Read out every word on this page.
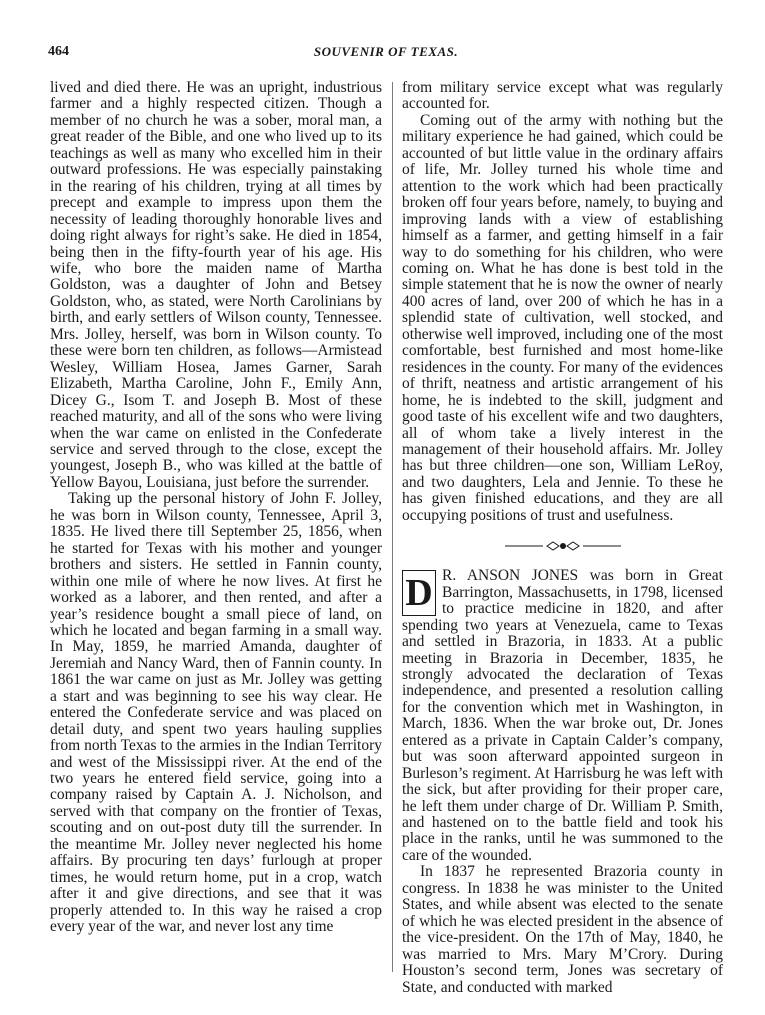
464	SOUVENIR OF TEXAS.

lived and died there. He was an upright, industrious farmer and a highly respected citizen. Though a member of no church he was a sober, moral man, a great reader of the Bible, and one who lived up to its teachings as well as many who excelled him in their outward professions. He was especially painstaking in the rearing of his children, trying at all times by precept and example to impress upon them the necessity of leading thoroughly honorable lives and doing right always for right’s sake. He died in 1854, being then in the fifty-fourth year of his age. His wife, who bore the maiden name of Martha Goldston, was a daughter of John and Betsey Goldston, who, as stated, were North Carolinians by birth, and early settlers of Wilson county, Tennessee. Mrs. Jolley, herself, was born in Wilson county. To these were born ten children, as follows—Armistead Wesley, William Hosea, James Garner, Sarah Elizabeth, Martha Caroline, John F., Emily Ann, Dicey G., Isom T. and Joseph B. Most of these reached maturity, and all of the sons who were living when the war came on enlisted in the Confederate service and served through to the close, except the youngest, Joseph B., who was killed at the battle of Yellow Bayou, Louisiana, just before the surrender.

Taking up the personal history of John F. Jolley, he was born in Wilson county, Tennessee, April 3, 1835. He lived there till September 25, 1856, when he started for Texas with his mother and younger brothers and sisters. He settled in Fannin county, within one mile of where he now lives. At first he worked as a laborer, and then rented, and after a year’s residence bought a small piece of land, on which he located and began farming in a small way. In May, 1859, he married Amanda, daughter of Jeremiah and Nancy Ward, then of Fannin county. In 1861 the war came on just as Mr. Jolley was getting a start and was beginning to see his way clear. He entered the Confederate service and was placed on detail duty, and spent two years hauling supplies from north Texas to the armies in the Indian Territory and west of the Mississippi river. At the end of the two years he entered field service, going into a company raised by Captain A. J. Nicholson, and served with that company on the frontier of Texas, scouting and on out-post duty till the surrender. In the meantime Mr. Jolley never neglected his home affairs. By procuring ten days’ furlough at proper times, he would return home, put in a crop, watch after it and give directions, and see that it was properly attended to. In this way he raised a crop every year of the war, and never lost any time

from military service except what was regularly accounted for.

Coming out of the army with nothing but the military experience he had gained, which could be accounted of but little value in the ordinary affairs of life, Mr. Jolley turned his whole time and attention to the work which had been practically broken off four years before, namely, to buying and improving lands with a view of establishing himself as a farmer, and getting himself in a fair way to do something for his children, who were coming on. What he has done is best told in the simple statement that he is now the owner of nearly 400 acres of land, over 200 of which he has in a splendid state of cultivation, well stocked, and otherwise well improved, including one of the most comfortable, best furnished and most home-like residences in the county. For many of the evidences of thrift, neatness and artistic arrangement of his home, he is indebted to the skill, judgment and good taste of his excellent wife and two daughters, all of whom take a lively interest in the management of their household affairs. Mr. Jolley has but three children—one son, William LeRoy, and two daughters, Lela and Jennie. To these he has given finished educations, and they are all occupying positions of trust and usefulness.

D R. ANSON JONES was born in Great Barrington, Massachusetts, in 1798, licensed to practice medicine in 1820, and after spending two years at Venezuela, came to Texas and settled in Brazoria, in 1833. At a public meeting in Brazoria in December, 1835, he strongly advocated the declaration of Texas independence, and presented a resolution calling for the convention which met in Washington, in March, 1836. When the war broke out, Dr. Jones entered as a private in Captain Calder’s company, but was soon afterward appointed surgeon in Burleson’s regiment. At Harrisburg he was left with the sick, but after providing for their proper care, he left them under charge of Dr. William P. Smith, and hastened on to the battle field and took his place in the ranks, until he was summoned to the care of the wounded.

In 1837 he represented Brazoria county in congress. In 1838 he was minister to the United States, and while absent was elected to the senate of which he was elected president in the absence of the vice-president. On the 17th of May, 1840, he was married to Mrs. Mary M’Crory. During Houston’s second term, Jones was secretary of State, and conducted with marked
